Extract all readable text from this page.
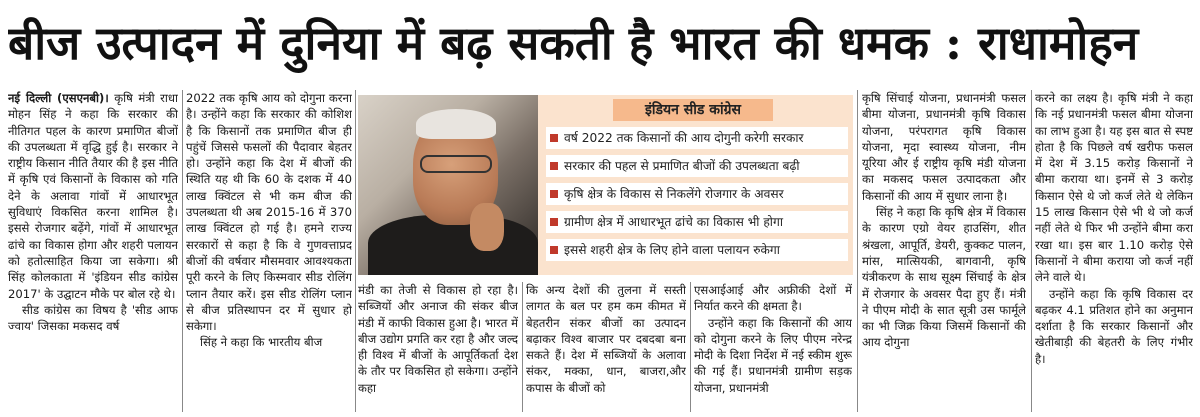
बीज उत्पादन में दुनिया में बढ़ सकती है भारत की धमक : राधामोहन

नई दिल्ली (एसएनबी)। कृषि मंत्री राधा मोहन सिंह ने कहा कि सरकार की नीतिगत पहल के कारण प्रमाणित बीजों की उपलब्धता में वृद्धि हुई है। सरकार ने राष्ट्रीय किसान नीति तैयार की है इस नीति में कृषि एवं किसानों के विकास को गति देने के अलावा गांवों में आधारभूत सुविधाएं विकसित करना शामिल है। इससे रोजगार बढ़ेंगे, गांवों में आधारभूत ढांचे का विकास होगा और शहरी पलायन को हतोत्साहित किया जा सकेगा। श्री सिंह कोलकाता में 'इंडियन सीड कांग्रेस 2017' के उद्घाटन मौके पर बोल रहे थे।

सीड कांग्रेस का विषय है 'सीड आफ ज्वाय' जिसका मकसद वर्ष

2022 तक कृषि आय को दोगुना करना है। उन्होंने कहा कि सरकार की कोशिश है कि किसानों तक प्रमाणित बीज ही पहुंचें जिससे फसलों की पैदावार बेहतर हो। उन्होंने कहा कि देश में बीजों की स्थिति यह थी कि 60 के दशक में 40 लाख क्विंटल से भी कम बीज की उपलब्धता थी अब 2015-16 में 370 लाख क्विंटल हो गई है। हमने राज्य सरकारों से कहा है कि वे गुणवत्ताप्रद बीजों की वर्षवार मौसमवार आवश्यकता पूरी करने के लिए किस्मवार सीड रोलिंग प्लान तैयार करें। इस सीड रोलिंग प्लान से बीज प्रतिस्थापन दर में सुधार हो सकेगा।

सिंह ने कहा कि भारतीय बीज

इंडियन सीड कांग्रेस
वर्ष 2022 तक किसानों की आय दोगुनी करेगी सरकार
सरकार की पहल से प्रमाणित बीजों की उपलब्धता बढ़ी
कृषि क्षेत्र के विकास से निकलेंगे रोजगार के अवसर
ग्रामीण क्षेत्र में आधारभूत ढांचे का विकास भी होगा
इससे शहरी क्षेत्र के लिए होने वाला पलायन रुकेगा

मंडी का तेजी से विकास हो रहा है। सब्जियों और अनाज की संकर बीज मंडी में काफी विकास हुआ है। भारत में बीज उद्योग प्रगति कर रहा है और जल्द ही विश्व में बीजों के आपूर्तिकर्ता देश के तौर पर विकसित हो सकेगा। उन्होंने कहा

कि अन्य देशों की तुलना में सस्ती लागत के बल पर हम कम कीमत में बेहतरीन संकर बीजों का उत्पादन बढ़ाकर विश्व बाजार पर दबदबा बना सकते हैं। देश में सब्जियों के अलावा संकर, मक्का, धान, बाजरा,और कपास के बीजों को

एसआईआई और अफ्रीकी देशों में निर्यात करने की क्षमता है।

उन्होंने कहा कि किसानों की आय को दोगुना करने के लिए पीएम नरेन्द्र मोदी के दिशा निर्देश में नई स्कीम शुरू की गई हैं। प्रधानमंत्री ग्रामीण सड़क योजना, प्रधानमंत्री

कृषि सिंचाई योजना, प्रधानमंत्री फसल बीमा योजना, प्रधानमंत्री कृषि विकास योजना, परंपरागत कृषि विकास योजना, मृदा स्वास्थ्य योजना, नीम यूरिया और ई राष्ट्रीय कृषि मंडी योजना का मकसद फसल उत्पादकता और किसानों की आय में सुधार लाना है।

सिंह ने कहा कि कृषि क्षेत्र में विकास के कारण एग्रो वेयर हाउसिंग, शीत श्रंखला, आपूर्ति, डेयरी, कुक्कट पालन, मांस, मात्सियकी, बागवानी, कृषि यंत्रीकरण के साथ सूक्ष्म सिंचाई के क्षेत्र में रोजगार के अवसर पैदा हुए हैं। मंत्री ने पीएम मोदी के सात सूत्री उस फार्मूले का भी जिक्र किया जिसमें किसानों की आय दोगुना

करने का लक्ष्य है। कृषि मंत्री ने कहा कि नई प्रधानमंत्री फसल बीमा योजना का लाभ हुआ है। यह इस बात से स्पष्ट होता है कि पिछले वर्ष खरीफ फसल में देश में 3.15 करोड़ किसानों ने बीमा कराया था। इनमें से 3 करोड़ किसान ऐसे थे जो कर्ज लेते थे लेकिन 15 लाख किसान ऐसे भी थे जो कर्ज नहीं लेते थे फिर भी उन्होंने बीमा करा रखा था। इस बार 1.10 करोड़ ऐसे किसानों ने बीमा कराया जो कर्ज नहीं लेने वाले थे।

उन्होंने कहा कि कृषि विकास दर बढ़कर 4.1 प्रतिशत होने का अनुमान दर्शाता है कि सरकार किसानों और खेतीबाड़ी की बेहतरी के लिए गंभीर है।
